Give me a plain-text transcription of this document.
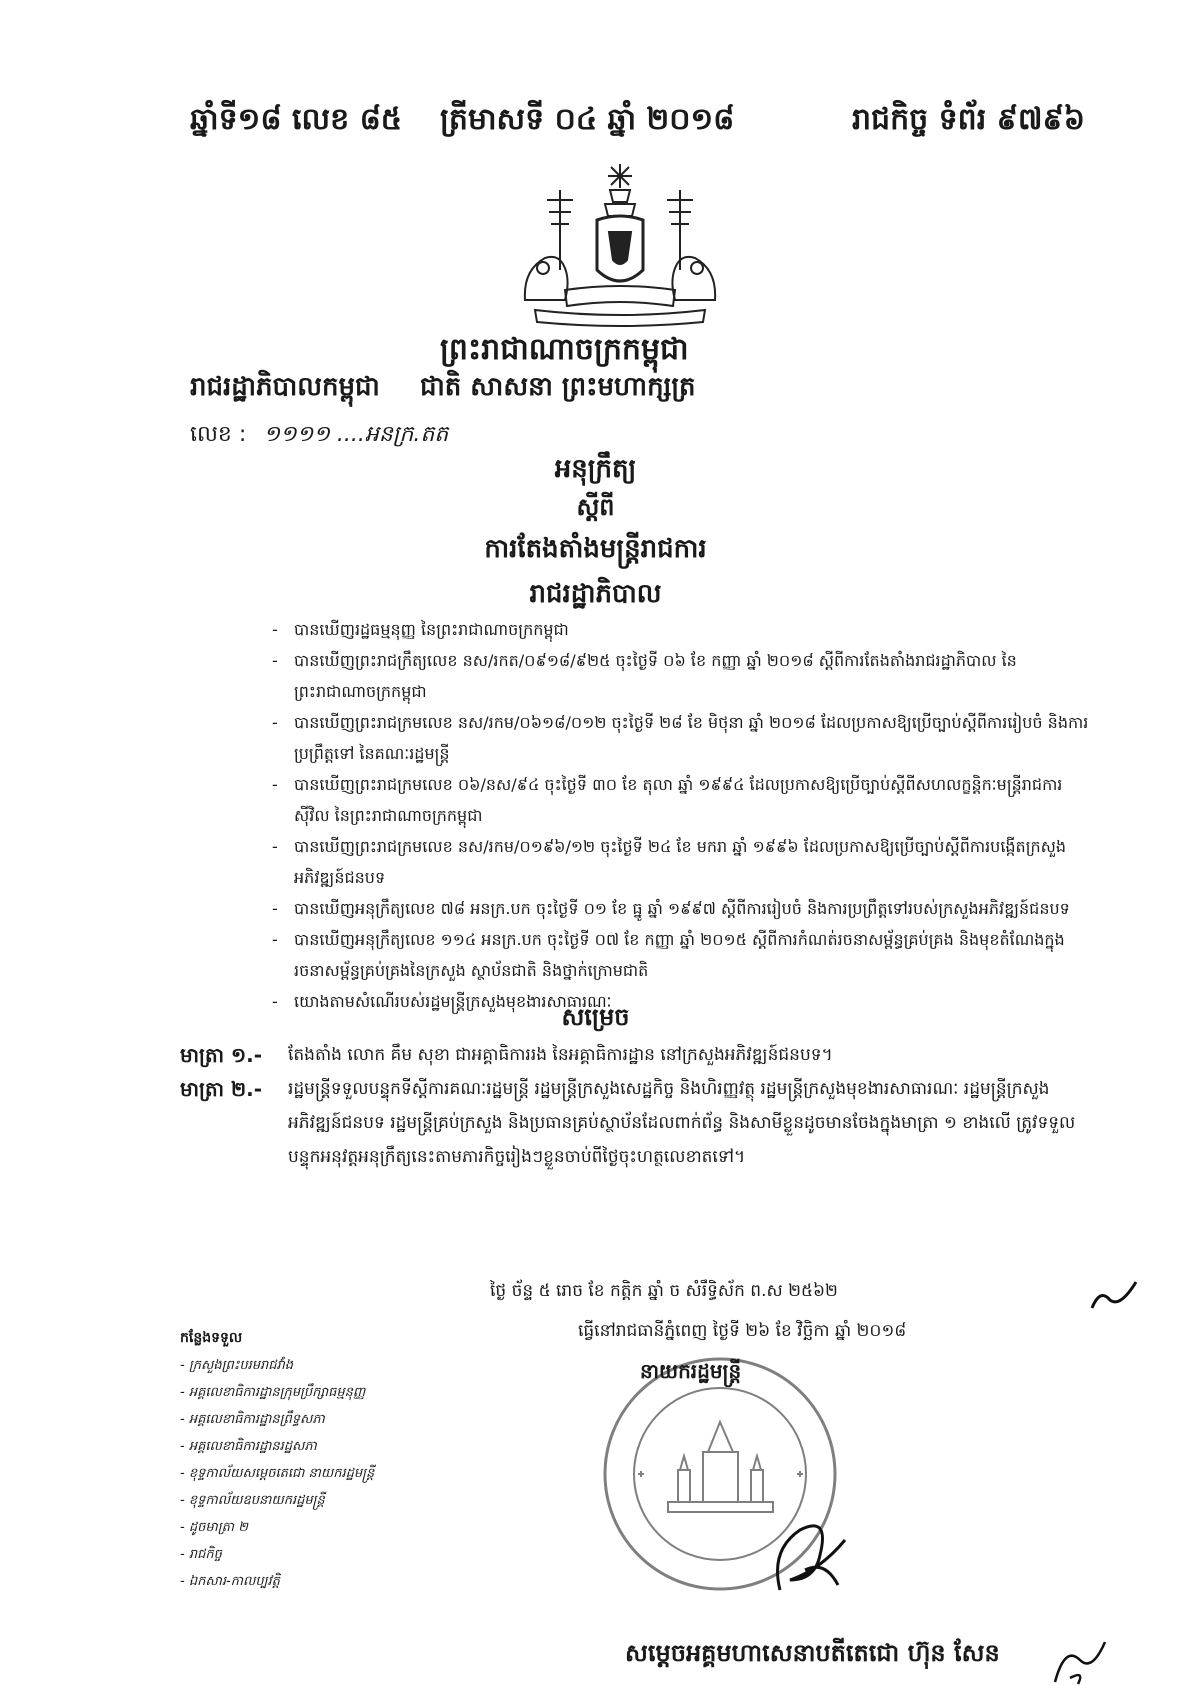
ឆ្នាំទី១៨ លេខ ៨៥ ត្រីមាសទី ០៤ ឆ្នាំ ២០១៨	រាជកិច្ច ទំព័រ ៩៧៩៦
ព្រះរាជាណាចក្រកម្ពុជា
រាជរដ្ឋាភិបាលកម្ពុជា ជាតិ សាសនា ព្រះមហាក្សត្រ
លេខ : ១១១១ ....អនក្រ.តត
អនុក្រឹត្យ
ស្តីពី
ការតែងតាំងមន្ត្រីរាជការ
រាជរដ្ឋាភិបាល
- បានឃើញរដ្ឋធម្មនុញ្ញ នៃព្រះរាជាណាចក្រកម្ពុជា
- បានឃើញព្រះរាជក្រឹត្យលេខ នស/រកត/០៩១៨/៩២៥ ចុះថ្ងៃទី ០៦ ខែ កញ្ញា ឆ្នាំ ២០១៨ ស្តីពីការតែងតាំងរាជរដ្ឋាភិបាល នៃព្រះរាជាណាចក្រកម្ពុជា
- បានឃើញព្រះរាជក្រមលេខ នស/រកម/០៦១៨/០១២ ចុះថ្ងៃទី ២៨ ខែ មិថុនា ឆ្នាំ ២០១៨ ដែលប្រកាសឱ្យប្រើច្បាប់ស្តីពីការរៀបចំ និងការប្រព្រឹត្តទៅ នៃគណៈរដ្ឋមន្ត្រី
- បានឃើញព្រះរាជក្រមលេខ ០៦/នស/៩៤ ចុះថ្ងៃទី ៣០ ខែ តុលា ឆ្នាំ ១៩៩៤ ដែលប្រកាសឱ្យប្រើច្បាប់ស្តីពីសហលក្ខន្តិកៈមន្ត្រីរាជការស៊ីវិល នៃព្រះរាជាណាចក្រកម្ពុជា
- បានឃើញព្រះរាជក្រមលេខ នស/រកម/០១៩៦/១២ ចុះថ្ងៃទី ២៤ ខែ មករា ឆ្នាំ ១៩៩៦ ដែលប្រកាសឱ្យប្រើច្បាប់ស្តីពីការបង្កើតក្រសួងអភិវឌ្ឍន៍ជនបទ
- បានឃើញអនុក្រឹត្យលេខ ៧៨ អនក្រ.បក ចុះថ្ងៃទី ០១ ខែ ធ្នូ ឆ្នាំ ១៩៩៧ ស្តីពីការរៀបចំ និងការប្រព្រឹត្តទៅរបស់ក្រសួងអភិវឌ្ឍន៍ជនបទ
- បានឃើញអនុក្រឹត្យលេខ ១១៤ អនក្រ.បក ចុះថ្ងៃទី ០៧ ខែ កញ្ញា ឆ្នាំ ២០១៥ ស្តីពីការកំណត់រចនាសម្ព័ន្ធគ្រប់គ្រង និងមុខតំណែងក្នុងរចនាសម្ព័ន្ធគ្រប់គ្រងនៃក្រសួង ស្ថាប័នជាតិ និងថ្នាក់ក្រោមជាតិ
- យោងតាមសំណើរបស់រដ្ឋមន្ត្រីក្រសួងមុខងារសាធារណៈ
សម្រេច
មាត្រា ១.-	តែងតាំង លោក គឹម សុខា ជាអគ្គាធិការរង នៃអគ្គាធិការដ្ឋាន នៅក្រសួងអភិវឌ្ឍន៍ជនបទ។
មាត្រា ២.-	រដ្ឋមន្ត្រីទទួលបន្ទុកទីស្តីការគណៈរដ្ឋមន្ត្រី រដ្ឋមន្ត្រីក្រសួងសេដ្ឋកិច្ច និងហិរញ្ញវត្ថុ រដ្ឋមន្ត្រីក្រសួងមុខងារសាធារណៈ រដ្ឋមន្ត្រីក្រសួងអភិវឌ្ឍន៍ជនបទ រដ្ឋមន្ត្រីគ្រប់ក្រសួង និងប្រធានគ្រប់ស្ថាប័នដែលពាក់ព័ន្ធ និងសាមីខ្លួនដូចមានចែងក្នុងមាត្រា ១ ខាងលើ ត្រូវទទួលបន្ទុកអនុវត្តអនុក្រឹត្យនេះតាមភារកិច្ចរៀងៗខ្លួនចាប់ពីថ្ងៃចុះហត្ថលេខាតទៅ។
ថ្ងៃ ច័ន្ទ ៥ រោច ខែ កត្តិក ឆ្នាំ ច សំរឹទ្ធិស័ក ព.ស ២៥៦២
ធ្វើនៅរាជធានីភ្នំពេញ ថ្ងៃទី ២៦ ខែ វិច្ឆិកា ឆ្នាំ ២០១៨
នាយករដ្ឋមន្ត្រី
សម្តេចអគ្គមហាសេនាបតីតេជោ ហ៊ុន សែន
កន្លែងទទួល
- ក្រសួងព្រះបរមរាជវាំង
- អគ្គលេខាធិការដ្ឋានក្រុមប្រឹក្សាធម្មនុញ្ញ
- អគ្គលេខាធិការដ្ឋានព្រឹទ្ធសភា
- អគ្គលេខាធិការដ្ឋានរដ្ឋសភា
- ខុទ្ទកាល័យសម្តេចតេជោ នាយករដ្ឋមន្ត្រី
- ខុទ្ទកាល័យឧបនាយករដ្ឋមន្ត្រី
- ដូចមាត្រា ២
- រាជកិច្ច
- ឯកសារ-កាលប្បវត្តិ
